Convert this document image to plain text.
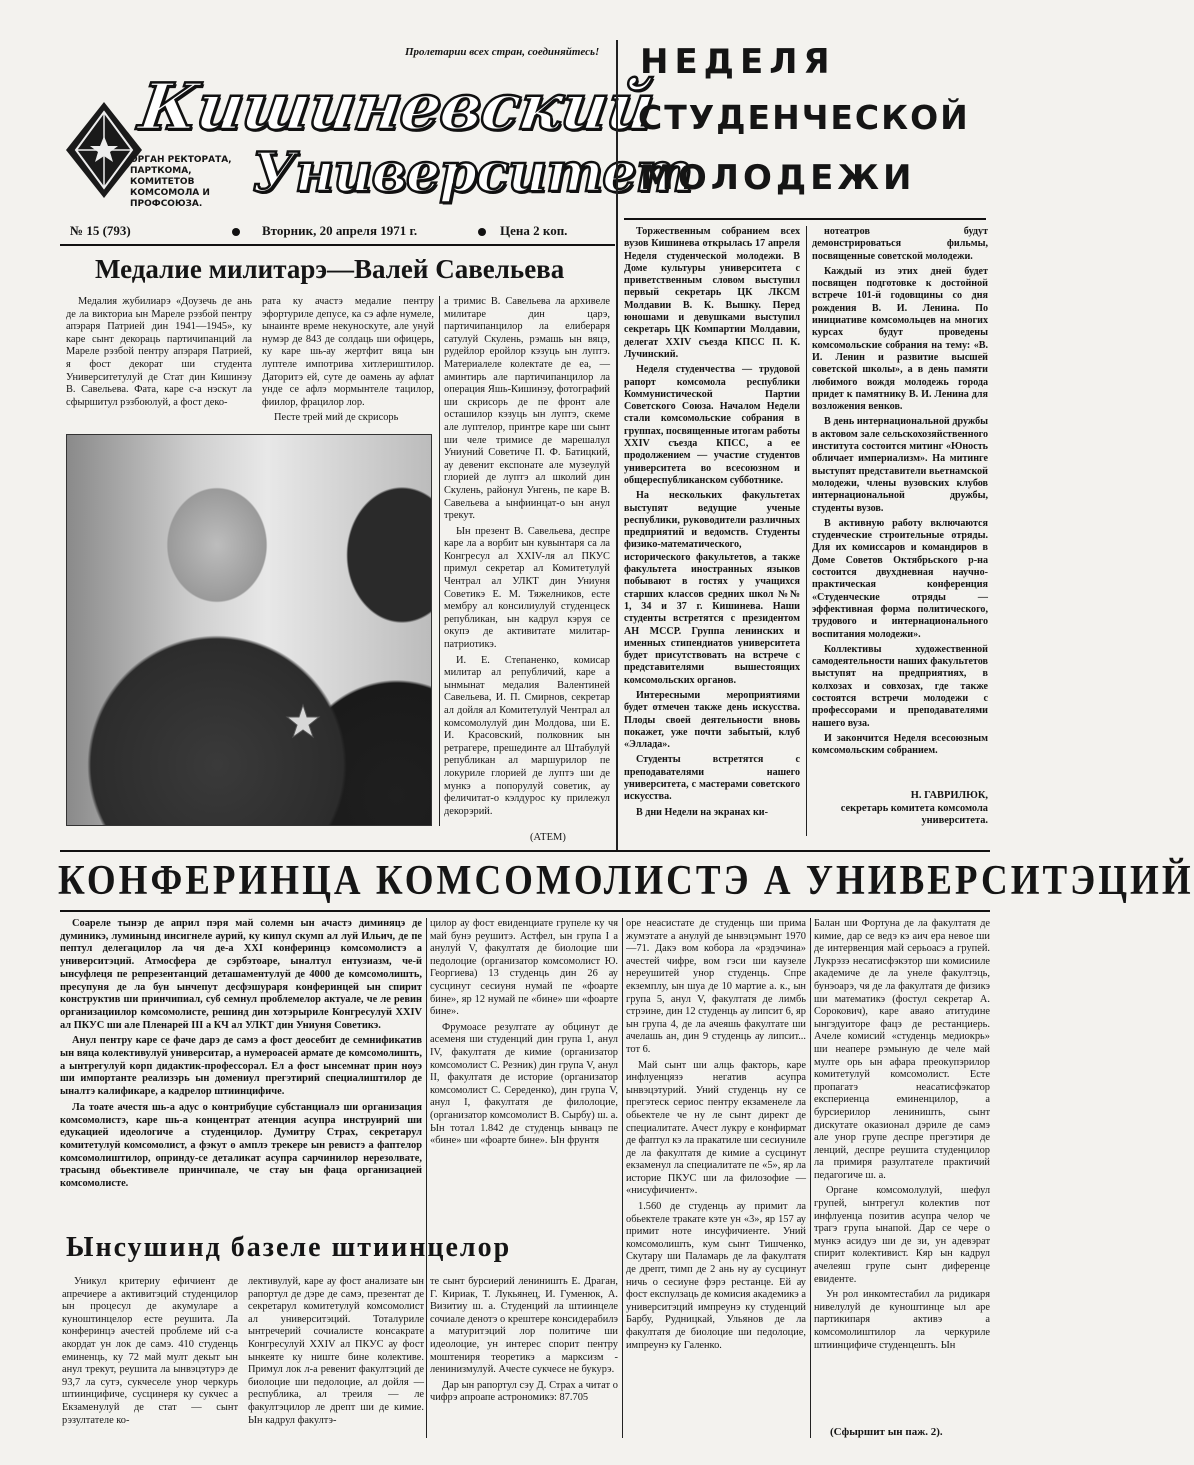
Пролетарии всех стран, соединяйтесь!
Кишиневский
ОРГАН РЕКТОРАТА, ПАРТКОМА, КОМИТЕТОВ КОМСОМОЛА И ПРОФСОЮЗА. Университет
№ 15 (793)	Вторник, 20 апреля 1971 г.	Цена 2 коп.
НЕДЕЛЯ
СТУДЕНЧЕСКОЙ
МОЛОДЕЖИ

Торжественным собранием всех вузов Кишинева открылась 17 апреля Неделя студенческой молодежи. В Доме культуры университета с приветственным словом выступил первый секретарь ЦК ЛКСМ Молдавии В. К. Вышку. Перед юношами и девушками выступил секретарь ЦК Компартии Молдавии, делегат XXIV съезда КПСС П. К. Лучинский.

Неделя студенчества — трудовой рапорт комсомола республики Коммунистической Партии Советского Союза. Началом Недели стали комсомольские собрания в группах, посвященные итогам работы XXIV съезда КПСС, а ее продолжением — участие студентов университета во всесоюзном и общереспубликанском субботнике.

На нескольких факультетах выступят ведущие ученые республики, руководители различных предприятий и ведомств. Студенты физико-математического, исторического факультетов, а также факультета иностранных языков побывают в гостях у учащихся старших классов средних школ №№ 1, 34 и 37 г. Кишинева. Наши студенты встретятся с президентом АН МССР. Группа ленинских и именных стипендиатов университета будет присутствовать на встрече с представителями вышестоящих комсомольских органов.

Интересными мероприятиями будет отмечен также день искусства. Плоды своей деятельности вновь покажет, уже почти забытый, клуб «Эллада».

Студенты встретятся с преподавателями нашего университета, с мастерами советского искусства.

В дни Недели на экранах ки-

нотеатров будут демонстрироваться фильмы, посвященные советской молодежи.

Каждый из этих дней будет посвящен подготовке к достойной встрече 101-й годовщины со дня рождения В. И. Ленина. По инициативе комсомольцев на многих курсах будут проведены комсомольские собрания на тему: «В. И. Ленин и развитие высшей советской школы», а в день памяти любимого вождя молодежь города придет к памятнику В. И. Ленина для возложения венков.

В день интернациональной дружбы в актовом зале сельскохозяйственного института состоится митинг «Юность обличает империализм». На митинге выступят представители вьетнамской молодежи, члены вузовских клубов интернациональной дружбы, студенты вузов.

В активную работу включаются студенческие строительные отряды. Для их комиссаров и командиров в Доме Советов Октябрьского р-на состоится двухдневная научно-практическая конференция «Студенческие отряды — эффективная форма политического, трудового и интернационального воспитания молодежи».

Коллективы художественной самодеятельности наших факультетов выступят на предприятиях, в колхозах и совхозах, где также состоятся встречи молодежи с профессорами и преподавателями нашего вуза.

И закончится Неделя всесоюзным комсомольским собранием.

Н. ГАВРИЛЮК,
секретарь комитета комсомола университета.
Медалие милитарэ—Валей Савельева
Медалия жубилиарэ «Доузечь де ань де ла викториа ын Мареле рэзбой пентру апэраря Патрией дин 1941—1945», ку каре сынт декораць партичипанций ла Мареле рэзбой пентру апэраря Патрией, я фост декорат ши студента Университетулуй де Стат дин Кишинэу В. Савельева. Фата, каре с-а нэскут ла сфыршитул рэзбоюлуй, а фост деко-

рата ку ачастэ медалие пентру эфортуриле депусе, ка сэ афле нумеле, ынаинте време некуноскуте, але унуй нумэр де 843 де солдаць ши офицерь, ку каре шь-ау жертфит вяца ын луптеле импотрива хитлериштилор. Даторитэ ей, суте де оамень ау афлат унде се афлэ мормынтеле тацилор, фиилор, фрацилор лор.

Песте трей мий де скрисорь

а тримис В. Савельева ла архивеле милитаре дин царэ, партичипанцилор ла елибераря сатулуй Скулень, рэмашь ын вяцэ, рудейлор еройлор кэзуць ын луптэ. Материалеле колектате де еа, — аминтирь але партичипанцилор ла операция Яшь-Кишинэу, фотографий ши скрисорь де пе фронт але осташилор кэзуць ын луптэ, скеме але луптелор, принтре каре ши сынт ши челе тримисе де марешалул Униуний Советиче П. Ф. Батицкий, ау девенит експонате але музеулуй глорией де луптэ ал школий дин Скулень, районул Унгень, пе каре В. Савельева а ынфиинцат-о ын анул трекут.

Ын презент В. Савельева, деспре каре ла а ворбит ын кувынтаря са ла Конгресул ал XXIV-ля ал ПКУС примул секретар ал Комитетулуй Чентрал ал УЛКТ дин Униуня Советикэ Е. М. Тяжелников, есте мембру ал консилиулуй студенцеск републикан, ын кадрул кэруя се окупэ де активитате милитар-патриотикэ.

И. Е. Степаненко, комисар милитар ал републичий, каре а ынмынат медалия Валентиней Савельева, И. П. Смирнов, секретар ал дойля ал Комитетулуй Чентрал ал комсомолулуй дин Молдова, ши Е. И. Красовский, полковник ын ретрагере, прешединте ал Штабулуй републикан ал маршурилор пе локуриле глорией де луптэ ши де мункэ а попорулуй советик, ау феличитат-о кэлдурос ку прилежул декорэрий.

(АТЕМ)
КОНФЕРИНЦА КОМСОМОЛИСТЭ А УНИВЕРСИТЭЦИЙ

Соареле тынэр де април пэря май солемн ын ачастэ диминяцэ де думиникэ, луминынд инсигнеле аурий, ку кипул скумп ал луй Ильич, де пе пептул делегацилор ла чя де-а XXI конферинцэ комсомолистэ а университэций. Атмосфера де сэрбэтоаре, ыналтул ентузиазм, че-й ынсуфлеця пе репрезентанций деташаментулуй де 4000 де комсомолишть, пресупуня де ла бун ынчепут десфэшураря конферинцей ын спирит конструктив ши принчипиал, суб семнул проблемелор актуале, че ле ревин организациилор комсомолисте, решинд дин хотэрыриле Конгресулуй XXIV ал ПКУС ши але Пленарей III а КЧ ал УЛКТ дин Униуня Советикэ.

Анул пентру каре се фаче дарэ де самэ а фост деосебит де семнификатив ын вяца колективулуй университар, а нумероасей армате де комсомолишть, а ынтрегулуй корп дидактик-профессорал. Ел а фост ынсемнат прин ноуэ ши импортанте реализэрь ын домениул прегэтирий специалиштилор де ыналтэ калификаре, а кадрелор штиинцифиче.

Ла тоате ачестя шь-а адус о контрибуцие субстанциалэ ши организация комсомолистэ, каре шь-а концентрат атенция асупра инструирий ши едукацией идеологиче а студенцилор. Думитру Страх, секретарул комитетулуй комсомолист, а фэкут о амплэ трекере ын ревистэ а фаптелор комсомолиштилор, опринду-се деталикат асупра сарчинилор нерезолвате, трасынд обьективеле принчипале, че стау ын фаца организацией комсомолисте.

цилор ау фост евиденциате групеле ку чя май бунэ реушитэ. Астфел, ын група I а анулуй V, факултатя де биолоцие ши педолоцие (организатор комсомолист Ю. Георгиева) 13 студенць дин 26 ау сусцинут сесиуня нумай пе «фоарте бине», яр 12 нумай пе «бине» ши «фоарте бине».

Фрумоасе резултате ау обцинут де асеменя ши студенций дин група 1, анул IV, факултатя де кимие (организатор комсомолист С. Резник) дин група V, анул II, факултатя де историе (организатор комсомолист С. Середенко), дин група V, анул I, факултатя де филолоцие, (организатор комсомолист В. Сырбу) ш. а. Ын тотал 1.842 де студенць ынвацэ пе «бине» ши «фоарте бине». Ын фрунтя

оре неасистате де студенць ши прима жумэтате а анулуй де ынвэцэмынт 1970—71. Дакэ вом кобора ла «рэдэчина» ачестей чифре, вом гэси ши каузеле нереушитей унор студенць. Спре екземплу, ын шуа де 10 мартие а. к., ын група 5, анул V, факултатя де лимбь стрэине, дин 12 студенць ау липсит 6, яр ын група 4, де ла ачеяшь факултате ши ачелашь ан, дин 9 студенць ау липсит... тот 6.

Май сынт ши алць факторь, каре инфлуенцязэ негатив асупра ынвэцэтурий. Уний студенць ну се прегэтеск сериос пентру екзаменеле ла обьектеле че ну ле сынт директ де специалитате. Ачест лукру е конфирмат де фаптул кэ ла пракатиле ши сесиуниле де ла факултатя де кимие а сусцинут екзаменул ла специалитате пе «5», яр ла историе ПКУС ши ла филозофие — «нисуфичиент».

1.560 де студенць ау примит ла обьектеле тракате кэте ун «3», яр 157 ау примит ноте инсуфичиенте. Уний комсомолишть, кум сынт Тишченко, Скутару ши Паламарь де ла факултатя де дрепт, тимп де 2 ань ну ау сусцинут ничь о сесиуне фэрэ рестанце. Ей ау фост експулзаць де комисия академикэ а университэций импреунэ ку студенций Барбу, Рудницкай, Ульянов де ла факултатя де биолоцие ши педолоцие, импреунэ ку Галенко.

Балан ши Фортуна де ла факултатя де кимие, дар се ведэ кэ аич ера невое ши де интервенция май серьоасэ а групей. Лукрэзэ несатисфэкэтор ши комисииле академиче де ла унеле факултэць, бунэоарэ, чя де ла факултатя де физикэ ши математикэ (фостул секретар А. Сорокович), каре аваяо атитудине ынгэдуиторе фацэ де рестанциерь. Ачеле комисий «студенць медиокрь» ши неапере рэмыную де челе май мулте орь ын афара преокупэрилор комитетулуй комсомолист. Есте пропагатэ неасатисфэкатор експериенца еминенцилор, а бурсиерилор лениништь, сынт дискутате оказионал дэриле де самэ але унор групе деспре прегэтиря де ленций, деспре реушита студенцилор ла примиря разултателе практичий педагогиче ш. а.

Органе комсомолулуй, шефул групей, ынтрегул колектив пот инфлуенца позитив асупра челор че трагэ група ынапой. Дар се чере о мункэ асидуэ ши де зи, ун адевэрат спирит колективист. Кяр ын кадрул ачелеяш групе сынт диференце евиденте.

Ун рол инкомтестабил ла ридикаря нивелулуй де куноштинце ыл аре партикипаря активэ а комсомолиштилор ла черкуриле штиинцифиче студенцешть. Ын

(Сфыршит ын паж. 2).
Ынсушинд базеле штиинцелор
Уникул критериу ефичиент де апречиере а активитэций студенцилор ын процесул де акумуларе а куноштинцелор есте реушита. Ла конферинцэ ачестей проблеме ий с-а акордат ун лок де самэ. 410 студенць еминенць, ку 72 май мулт декыт ын анул трекут, реушита ла ынвэцэтурэ де 93,7 ла сутэ, сукчеселе унор черкурь штиинцифиче, сусцинеря ку сукчес а Екзаменулуй де стат — сынт рэзултателе ко-
лективулуй, каре ау фост анализате ын рапортул де дэре де самэ, презентат де секретарул комитетулуй комсомолист ал университэций. Тоталуриле ынтречерий сочиалисте консакрате Конгресулуй XXIV ал ПКУС ау фост ынкеяте ку ниште бине колективе. Примул лок л-а ревенит факултэций де биолоцие ши педолоцие, ал дойля — республика, ал треиля — ле факултэцилор ле дрепт ши де кимие. Ын кадрул факултэ-

те сынт бурсиерий лениништь Е. Драган, Г. Кириак, Т. Лукьянец, И. Гуменюк, А. Визитиу ш. а. Студенций ла штиинцеле сочиале денотэ о крештере консидерабилэ а матуритэций лор политиче ши идеолоцие, ун интерес спорит пентру моштениря теоретикэ а марксизм - ленинизмулуй. Ачесте сукчесе не букурэ.

Дар ын рапортул сэу Д. Страх а читат о чифрэ апроапе астрономикэ: 87.705
